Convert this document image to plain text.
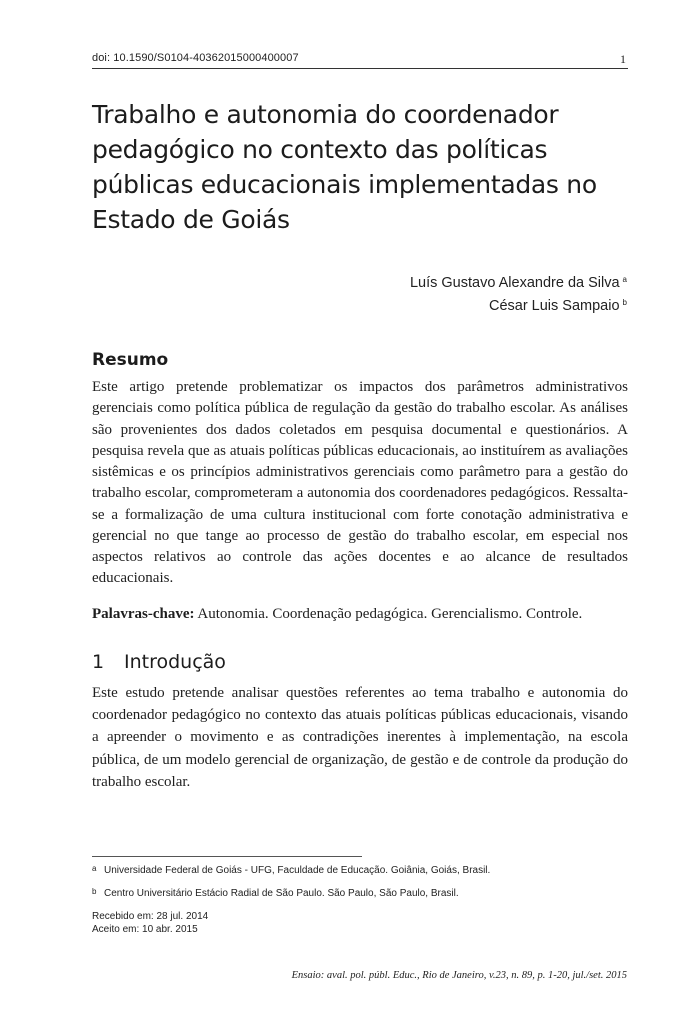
doi: 10.1590/S0104-40362015000400007	1
Trabalho e autonomia do coordenador pedagógico no contexto das políticas públicas educacionais implementadas no Estado de Goiás
Luís Gustavo Alexandre da Silva $^a$
César Luis Sampaio $^b$
Resumo

Este artigo pretende problematizar os impactos dos parâmetros administrativos gerenciais como política pública de regulação da gestão do trabalho escolar. As análises são provenientes dos dados coletados em pesquisa documental e questionários. A pesquisa revela que as atuais políticas públicas educacionais, ao instituírem as avaliações sistêmicas e os princípios administrativos gerenciais como parâmetro para a gestão do trabalho escolar, comprometeram a autonomia dos coordenadores pedagógicos. Ressalta-se a formalização de uma cultura institucional com forte conotação administrativa e gerencial no que tange ao processo de gestão do trabalho escolar, em especial nos aspectos relativos ao controle das ações docentes e ao alcance de resultados educacionais.

Palavras-chave: Autonomia. Coordenação pedagógica. Gerencialismo. Controle.

1 Introdução

Este estudo pretende analisar questões referentes ao tema trabalho e autonomia do coordenador pedagógico no contexto das atuais políticas públicas educacionais, visando a apreender o movimento e as contradições inerentes à implementação, na escola pública, de um modelo gerencial de organização, de gestão e de controle da produção do trabalho escolar.

a Universidade Federal de Goiás - UFG, Faculdade de Educação. Goiânia, Goiás, Brasil.

b Centro Universitário Estácio Radial de São Paulo. São Paulo, São Paulo, Brasil.

Recebido em: 28 jul. 2014
Aceito em: 10 abr. 2015
Ensaio: aval. pol. públ. Educ., Rio de Janeiro, v.23, n. 89, p. 1-20, jul./set. 2015
